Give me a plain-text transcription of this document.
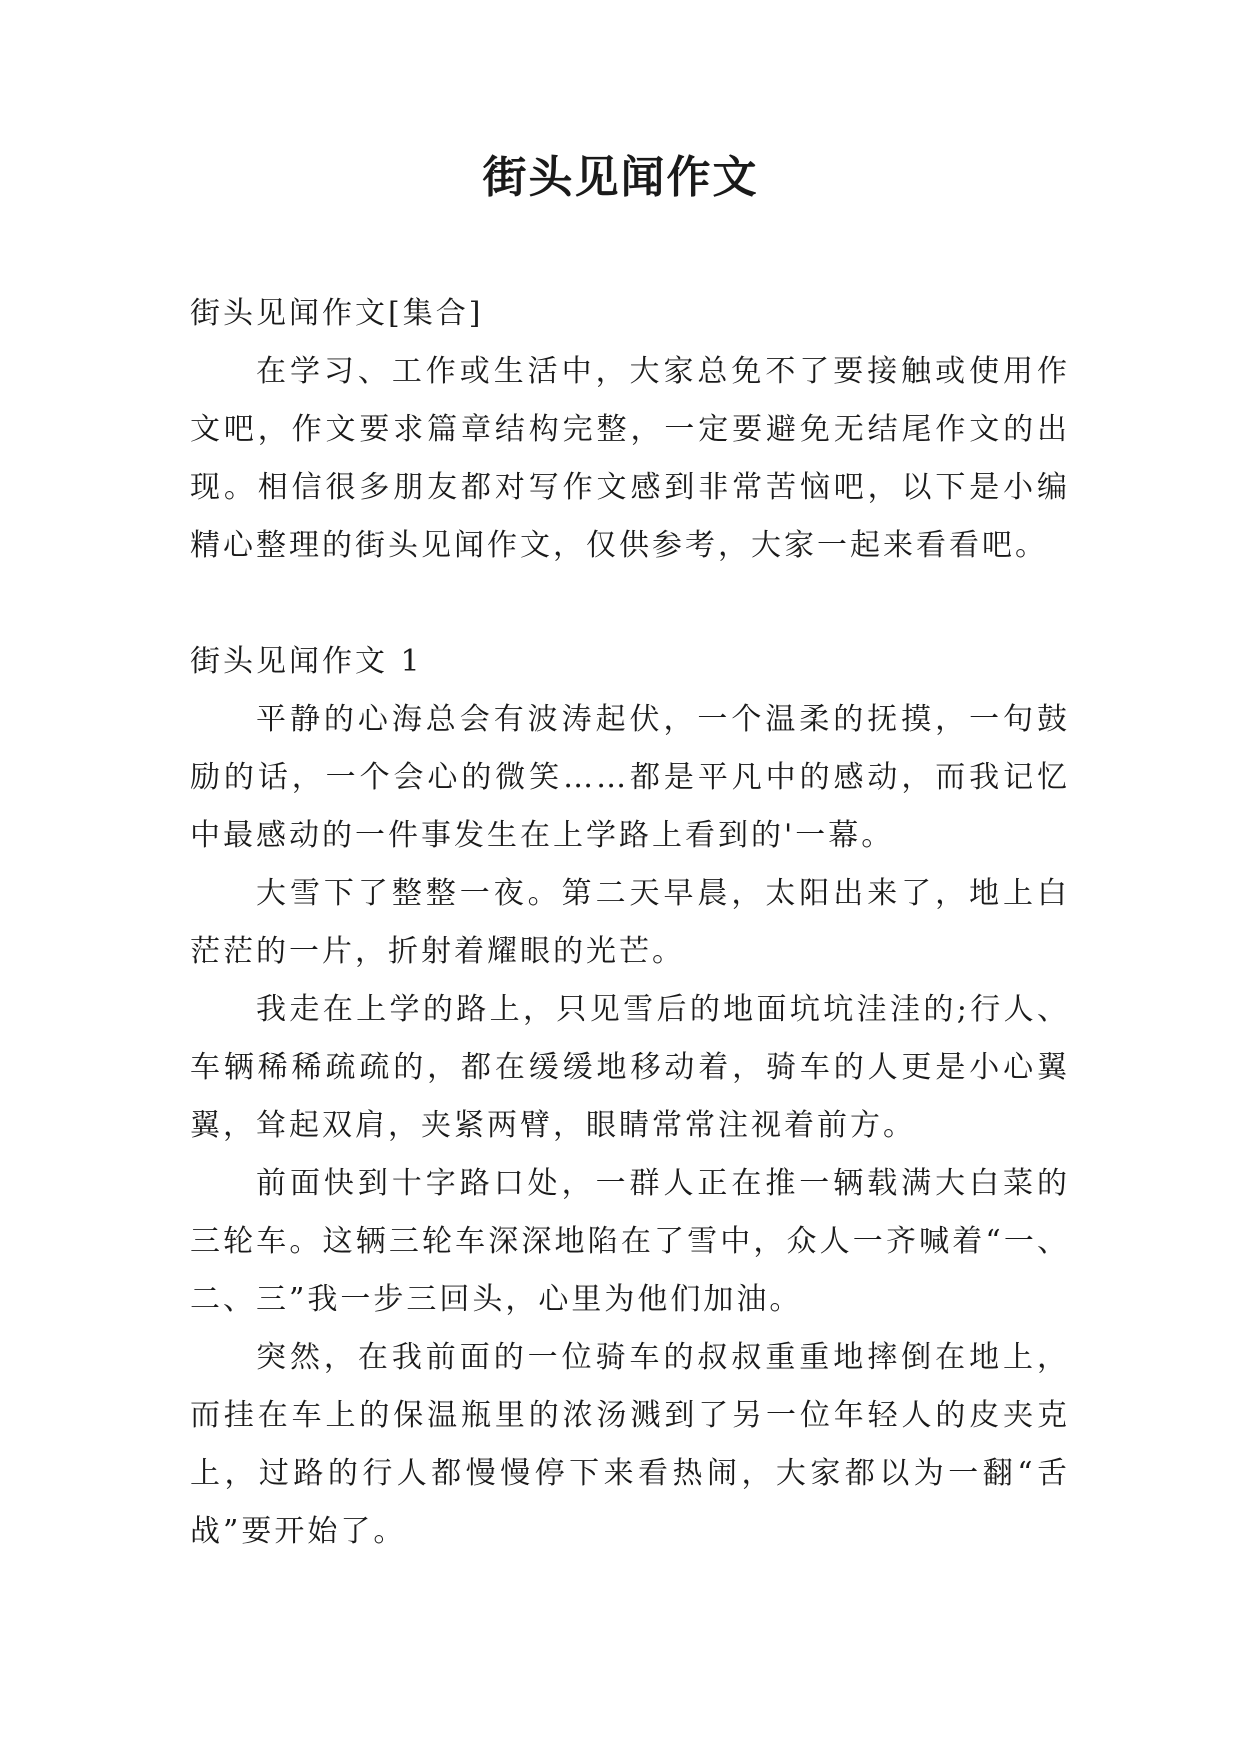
街头见闻作文
街头见闻作文[集合]

在学习、工作或生活中，大家总免不了要接触或使用作文吧，作文要求篇章结构完整，一定要避免无结尾作文的出现。相信很多朋友都对写作文感到非常苦恼吧，以下是小编精心整理的街头见闻作文，仅供参考，大家一起来看看吧。

街头见闻作文 1

平静的心海总会有波涛起伏，一个温柔的抚摸，一句鼓励的话，一个会心的微笑……都是平凡中的感动，而我记忆中最感动的一件事发生在上学路上看到的'一幕。

大雪下了整整一夜。第二天早晨，太阳出来了，地上白茫茫的一片，折射着耀眼的光芒。

我走在上学的路上，只见雪后的地面坑坑洼洼的;行人、车辆稀稀疏疏的，都在缓缓地移动着，骑车的人更是小心翼翼，耸起双肩，夹紧两臂，眼睛常常注视着前方。

前面快到十字路口处，一群人正在推一辆载满大白菜的三轮车。这辆三轮车深深地陷在了雪中，众人一齐喊着“一、二、三”我一步三回头，心里为他们加油。

突然，在我前面的一位骑车的叔叔重重地摔倒在地上，而挂在车上的保温瓶里的浓汤溅到了另一位年轻人的皮夹克上，过路的行人都慢慢停下来看热闹，大家都以为一翻“舌战”要开始了。
